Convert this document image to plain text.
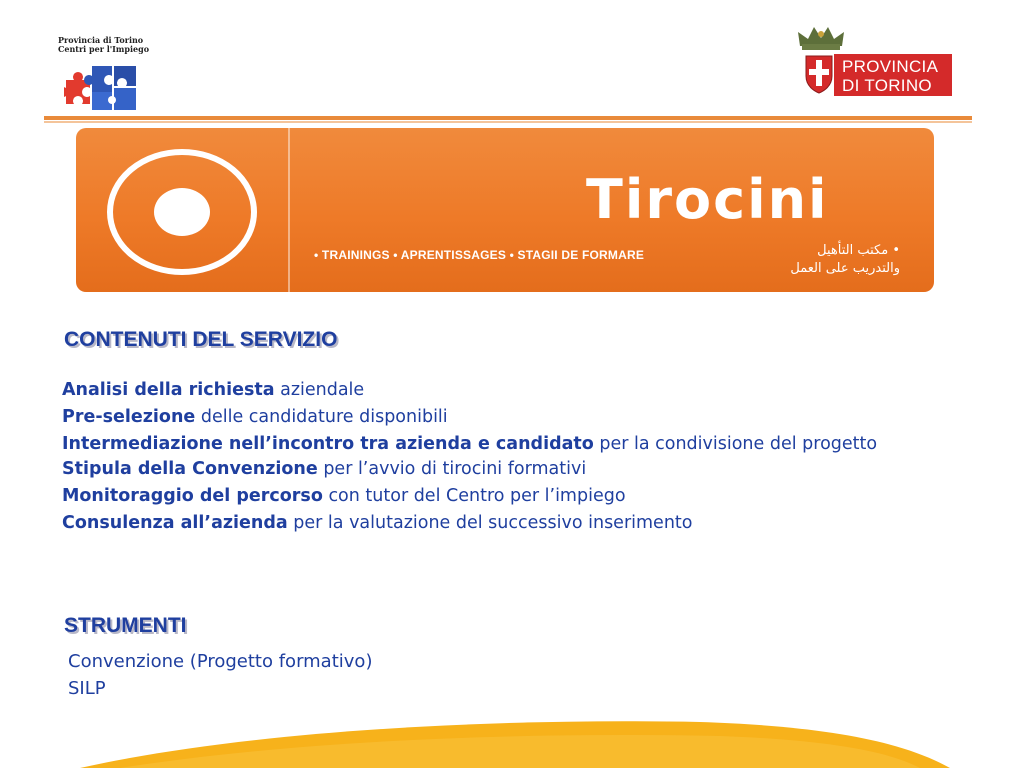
Provincia di Torino
Centri per l'Impiego
PROVINCIA
DI TORINO
Tirocini
• TRAININGS • APRENTISSAGES • STAGII DE FORMARE	• مكتب التأهيل
والتدريب على العمل
CONTENUTI DEL SERVIZIO
Analisi della richiesta aziendale
Pre-selezione delle candidature disponibili
Intermediazione nell’incontro tra azienda e candidato per la condivisione del progetto
Stipula della Convenzione per l’avvio di tirocini formativi
Monitoraggio del percorso con tutor del Centro per l’impiego
Consulenza all’azienda per la valutazione del successivo inserimento
STRUMENTI
Convenzione (Progetto formativo)
SILP
